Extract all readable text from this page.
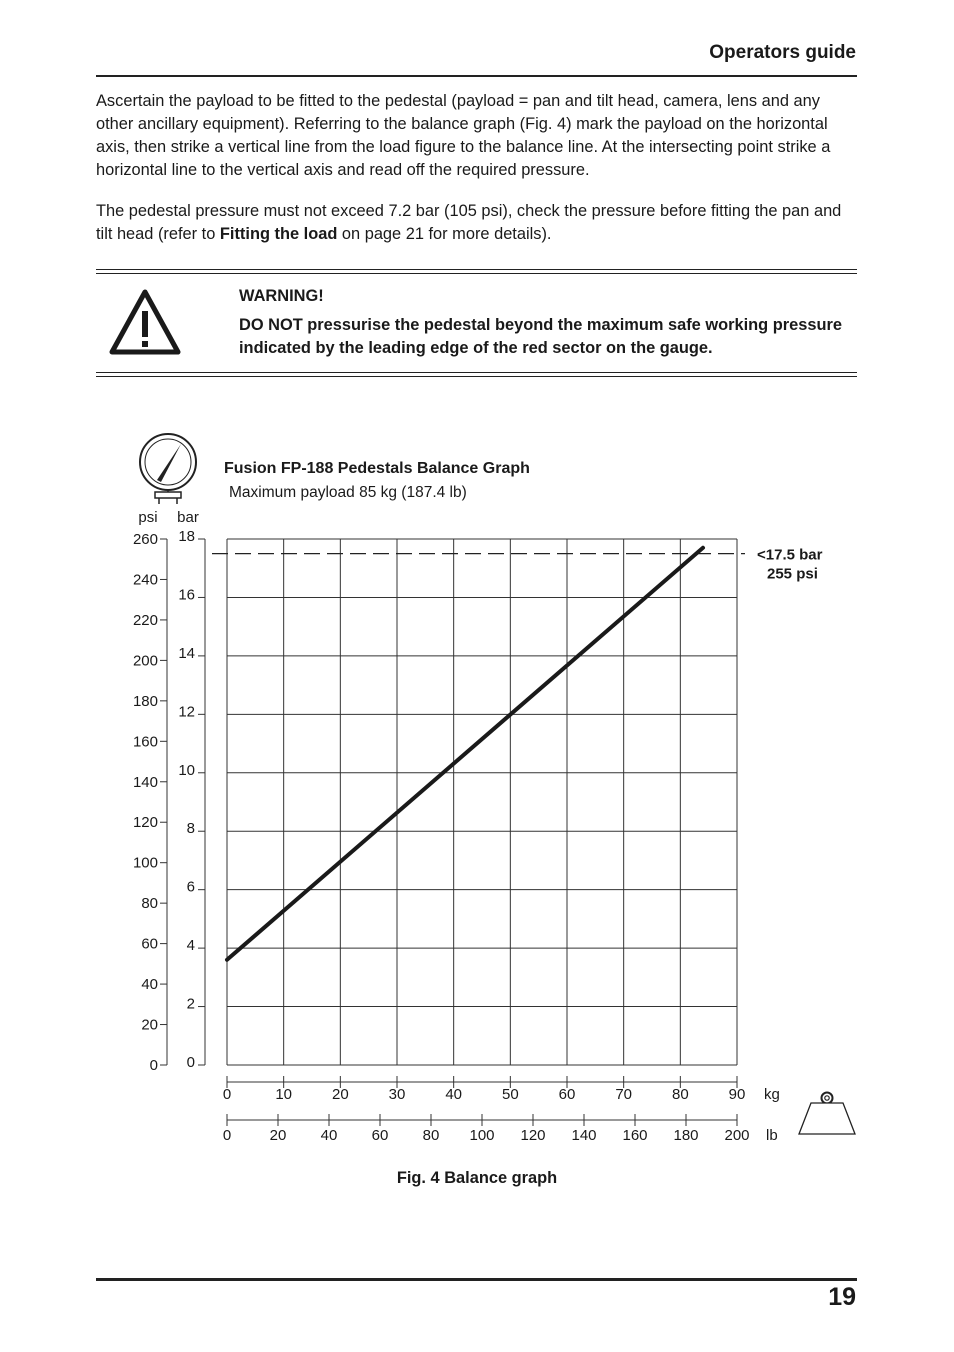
Operators guide
Ascertain the payload to be fitted to the pedestal (payload = pan and tilt head, camera, lens and any other ancillary equipment). Referring to the balance graph (Fig. 4) mark the payload on the horizontal axis, then strike a vertical line from the load figure to the balance line. At the intersecting point strike a horizontal line to the vertical axis and read off the required pressure.
The pedestal pressure must not exceed 7.2 bar (105 psi), check the pressure before fitting the pan and tilt head (refer to Fitting the load on page 21 for more details).
WARNING!
DO NOT pressurise the pedestal beyond the maximum safe working pressure indicated by the leading edge of the red sector on the gauge.
Fusion FP-188 Pedestals Balance Graph
Maximum payload 85 kg (187.4 lb)
0
2
4
6
8
10
12
14
16
18
bar
0
20
40
60
80
100
120
140
160
180
200
220
240
260
psi
0	10	20	30	40	50	60	70	80	90 kg
0	20 40 60 80 100 120 140 160 180 200 lb
<17.5 bar
255 psi
Fig. 4 Balance graph
19
